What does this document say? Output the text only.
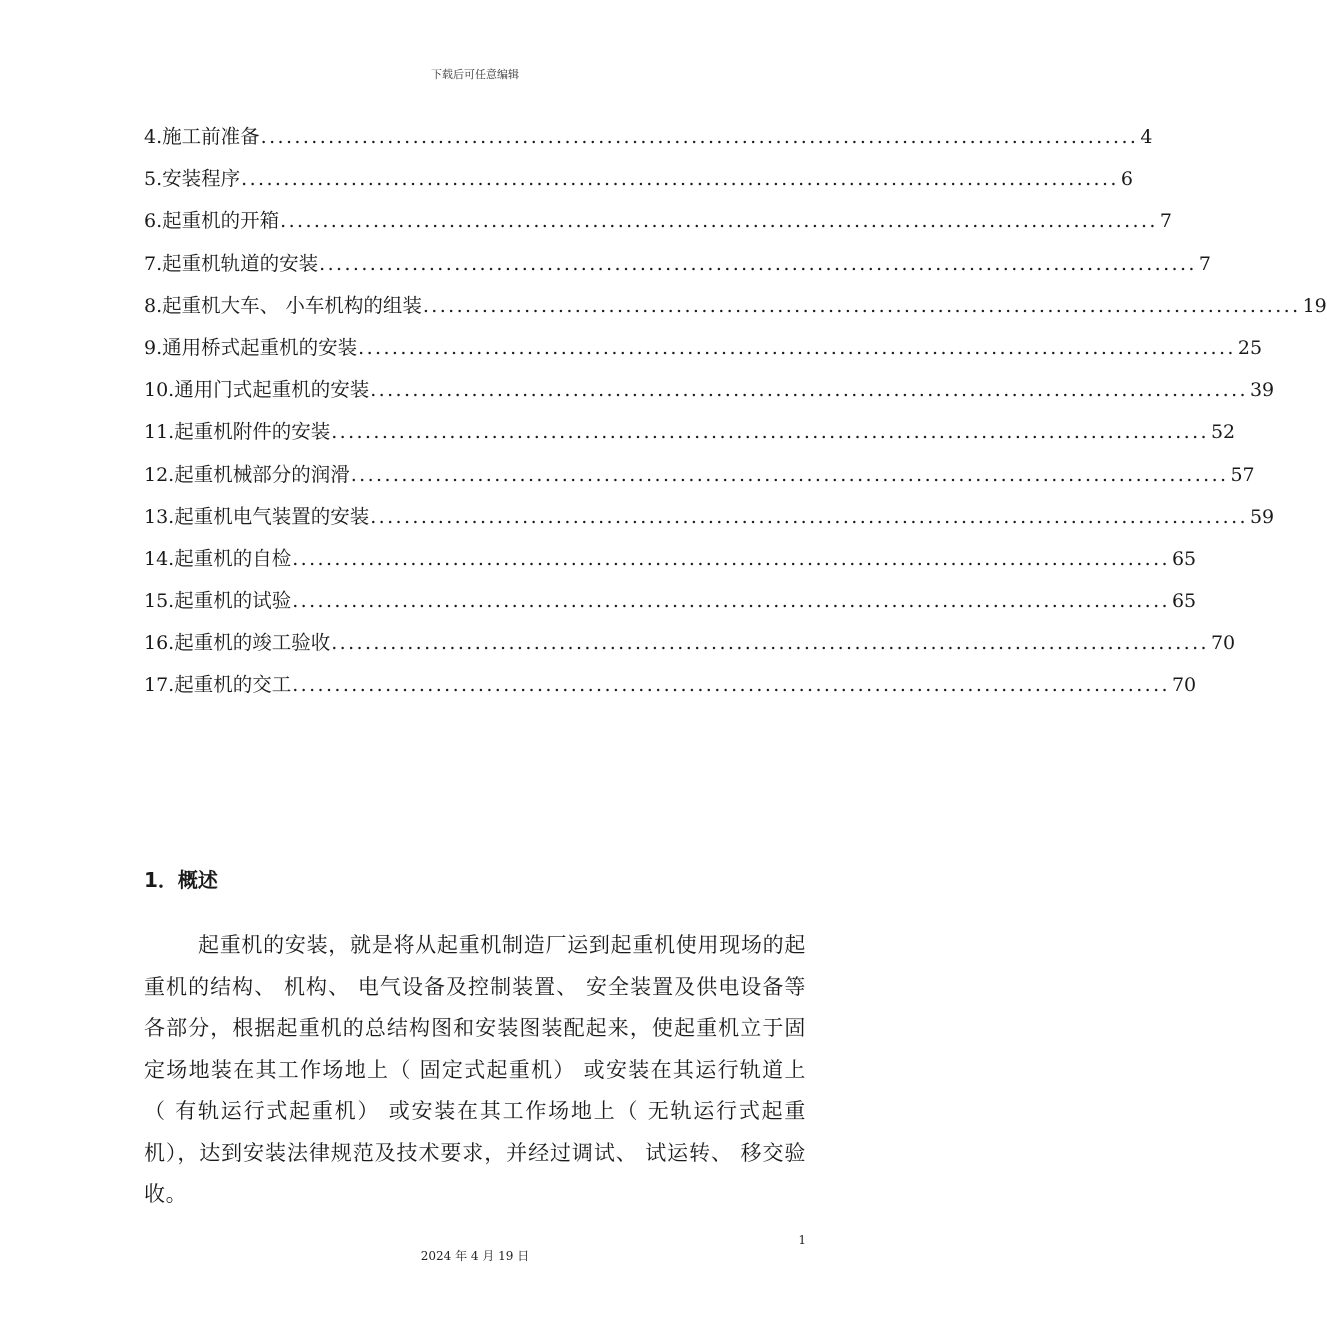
下载后可任意编辑
4. 施工前准备 ........................................................................................................ 4
5. 安装程序 ........................................................................................................ 6
6. 起重机的开箱 ........................................................................................................ 7
7. 起重机轨道的安装 ........................................................................................................ 7
8. 起重机大车、 小车机构的组装 ........................................................................................................ 19
9. 通用桥式起重机的安装 ........................................................................................................ 25
10. 通用门式起重机的安装 ........................................................................................................ 39
11. 起重机附件的安装 ........................................................................................................ 52
12. 起重机械部分的润滑 ........................................................................................................ 57
13. 起重机电气装置的安装 ........................................................................................................ 59
14. 起重机的自检 ........................................................................................................ 65
15. 起重机的试验 ........................................................................................................ 65
16. 起重机的竣工验收 ........................................................................................................ 70
17. 起重机的交工 ........................................................................................................ 70
1．概述

起重机的安装，就是将从起重机制造厂运到起重机使用现场的起重机的结构、 机构、 电气设备及控制装置、 安全装置及供电设备等各部分，根据起重机的总结构图和安装图装配起来，使起重机立于固定场地装在其工作场地上（ 固定式起重机） 或安装在其运行轨道上（ 有轨运行式起重机） 或安装在其工作场地上（ 无轨运行式起重机），达到安装法律规范及技术要求，并经过调试、 试运转、 移交验收。

1
2024 年 4 月 19 日
